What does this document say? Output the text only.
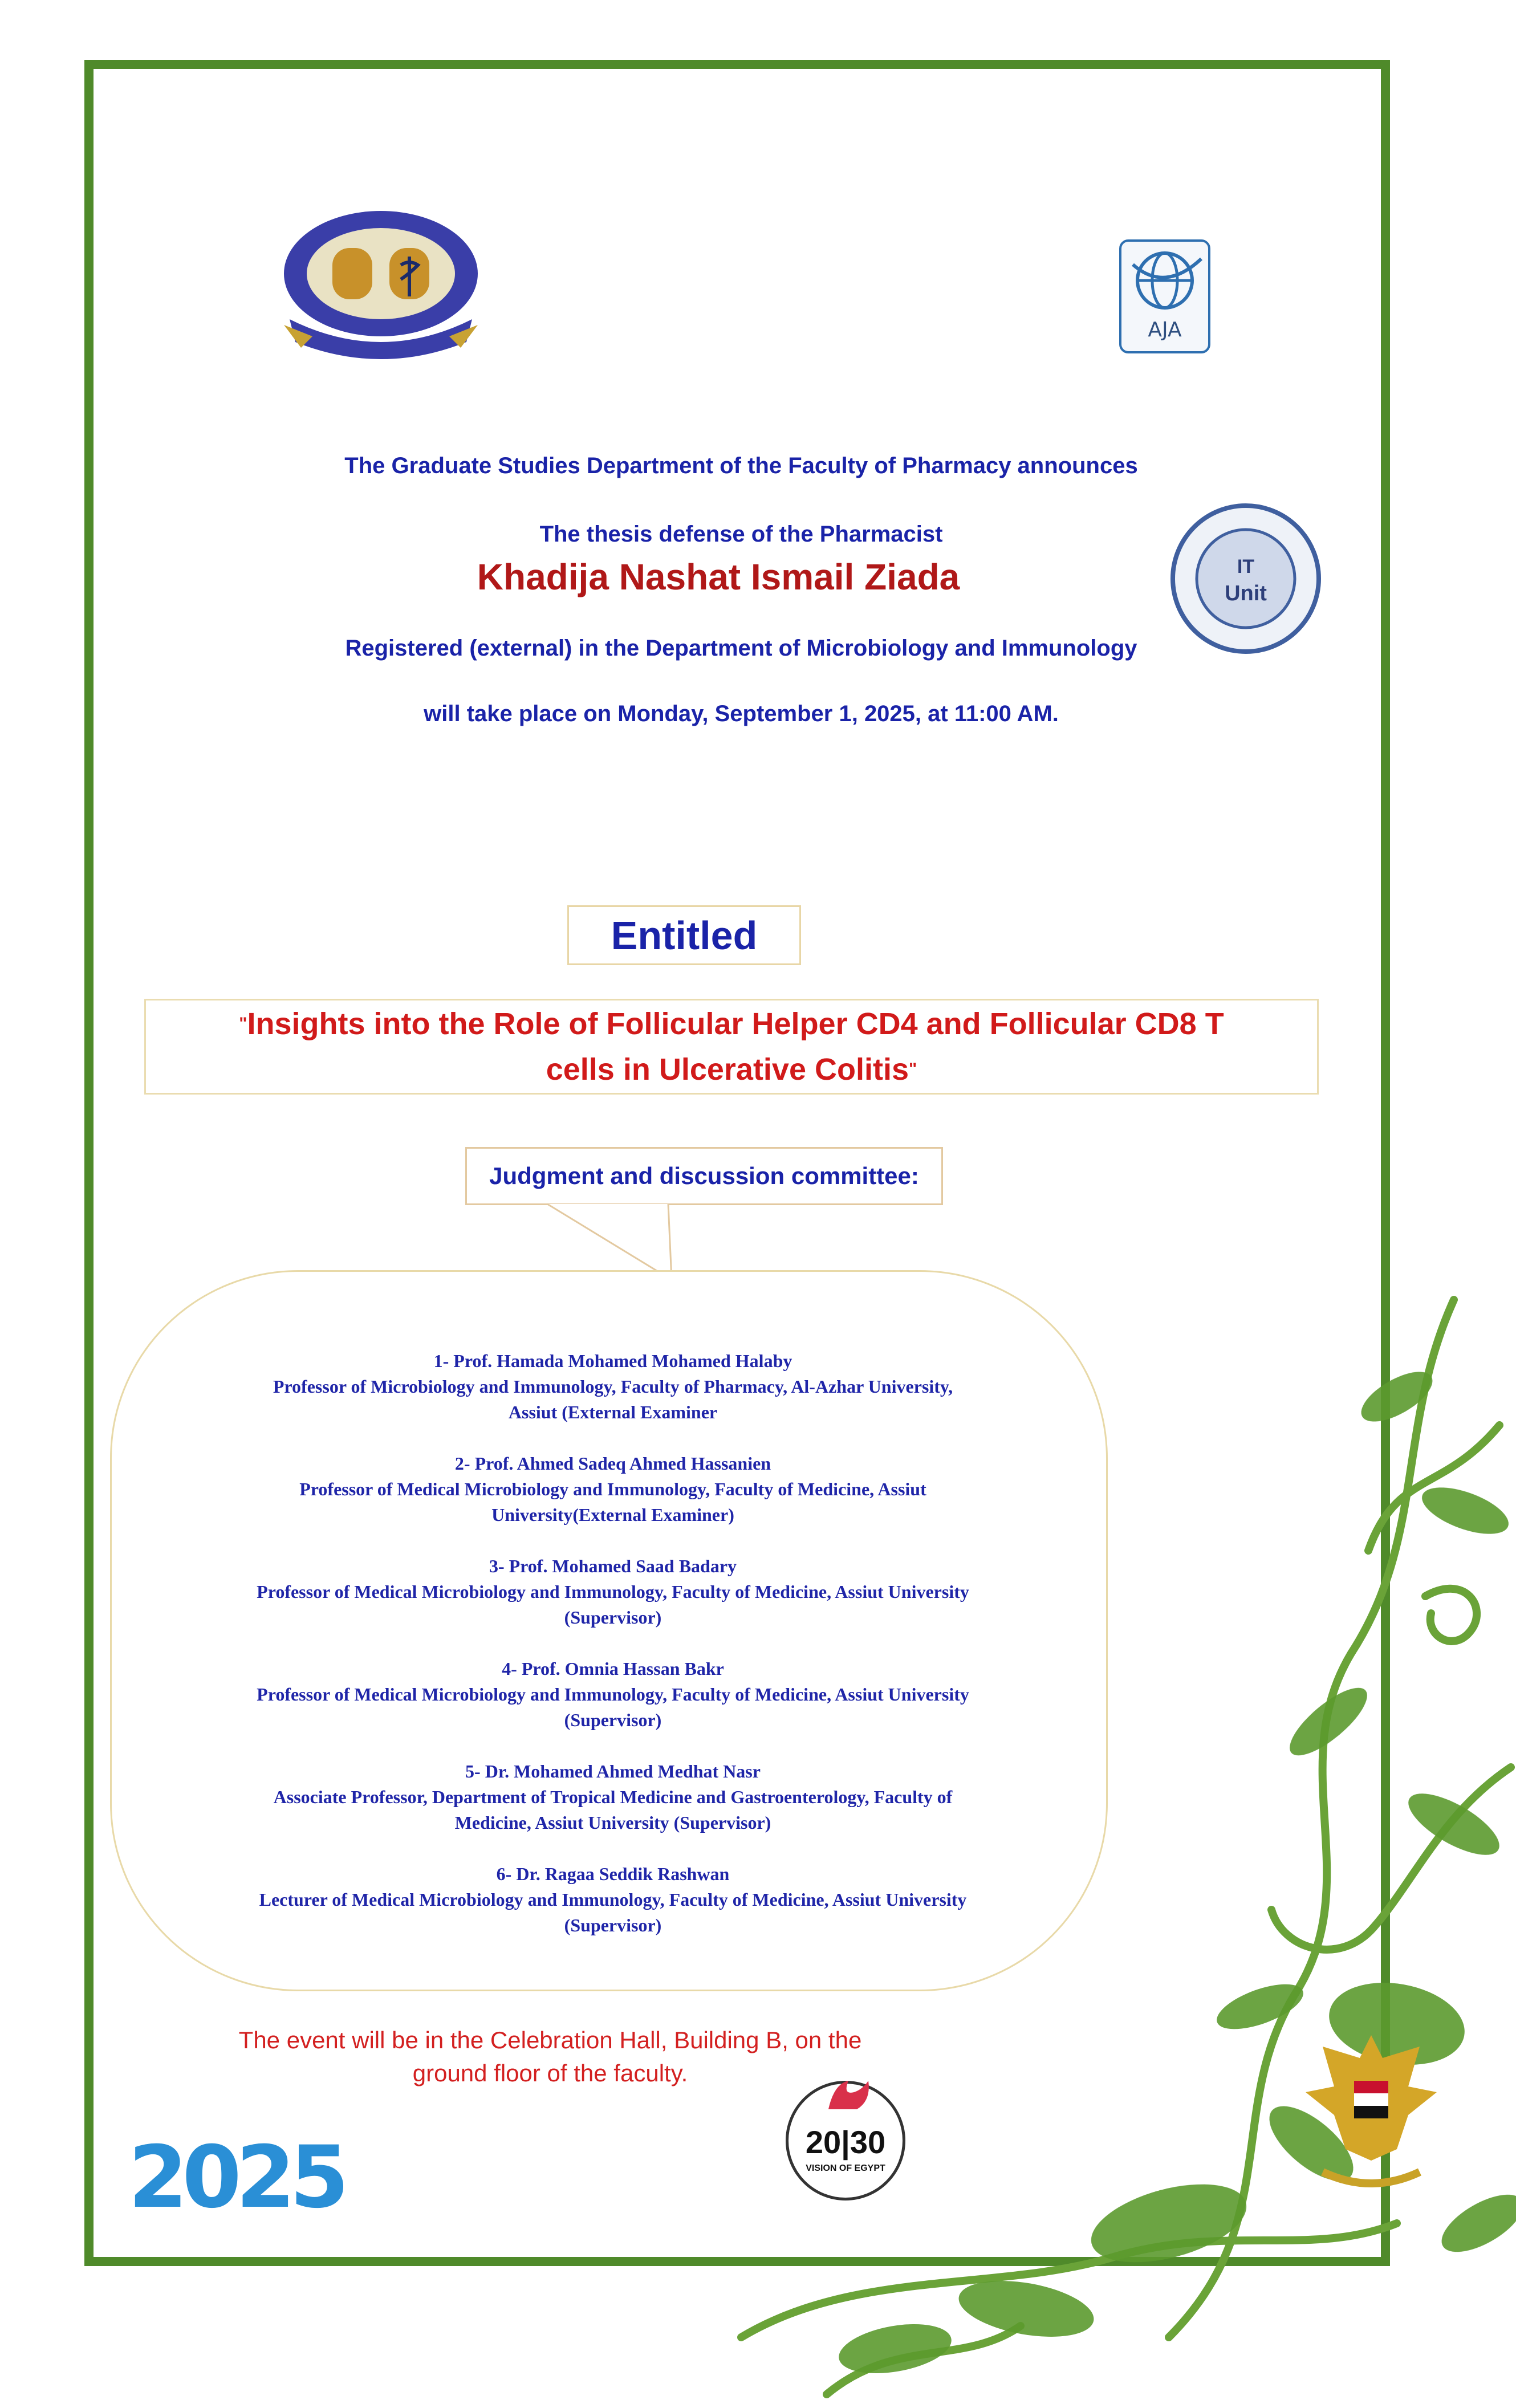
AJA
IT
Unit
The Graduate Studies Department of the Faculty of Pharmacy announces
The thesis defense of the Pharmacist
Khadija Nashat Ismail Ziada
Registered (external) in the Department of Microbiology and Immunology
will take place on Monday, September 1, 2025, at 11:00 AM.
Entitled
"Insights into the Role of Follicular Helper CD4 and Follicular CD8 T
cells in Ulcerative Colitis"
Judgment and discussion committee:
1- Prof. Hamada Mohamed Mohamed Halaby
Professor of Microbiology and Immunology, Faculty of Pharmacy, Al-Azhar University,
Assiut (External Examiner
2- Prof. Ahmed Sadeq Ahmed Hassanien
Professor of Medical Microbiology and Immunology, Faculty of Medicine, Assiut
University(External Examiner)
3- Prof. Mohamed Saad Badary
Professor of Medical Microbiology and Immunology, Faculty of Medicine, Assiut University
(Supervisor)
4- Prof. Omnia Hassan Bakr
Professor of Medical Microbiology and Immunology, Faculty of Medicine, Assiut University
(Supervisor)
5- Dr. Mohamed Ahmed Medhat Nasr
Associate Professor, Department of Tropical Medicine and Gastroenterology, Faculty of
Medicine, Assiut University (Supervisor)
6- Dr. Ragaa Seddik Rashwan
Lecturer of Medical Microbiology and Immunology, Faculty of Medicine, Assiut University
(Supervisor)
The event will be in the Celebration Hall, Building B, on the
ground floor of the faculty.
20|30
VISION OF EGYPT
2025
